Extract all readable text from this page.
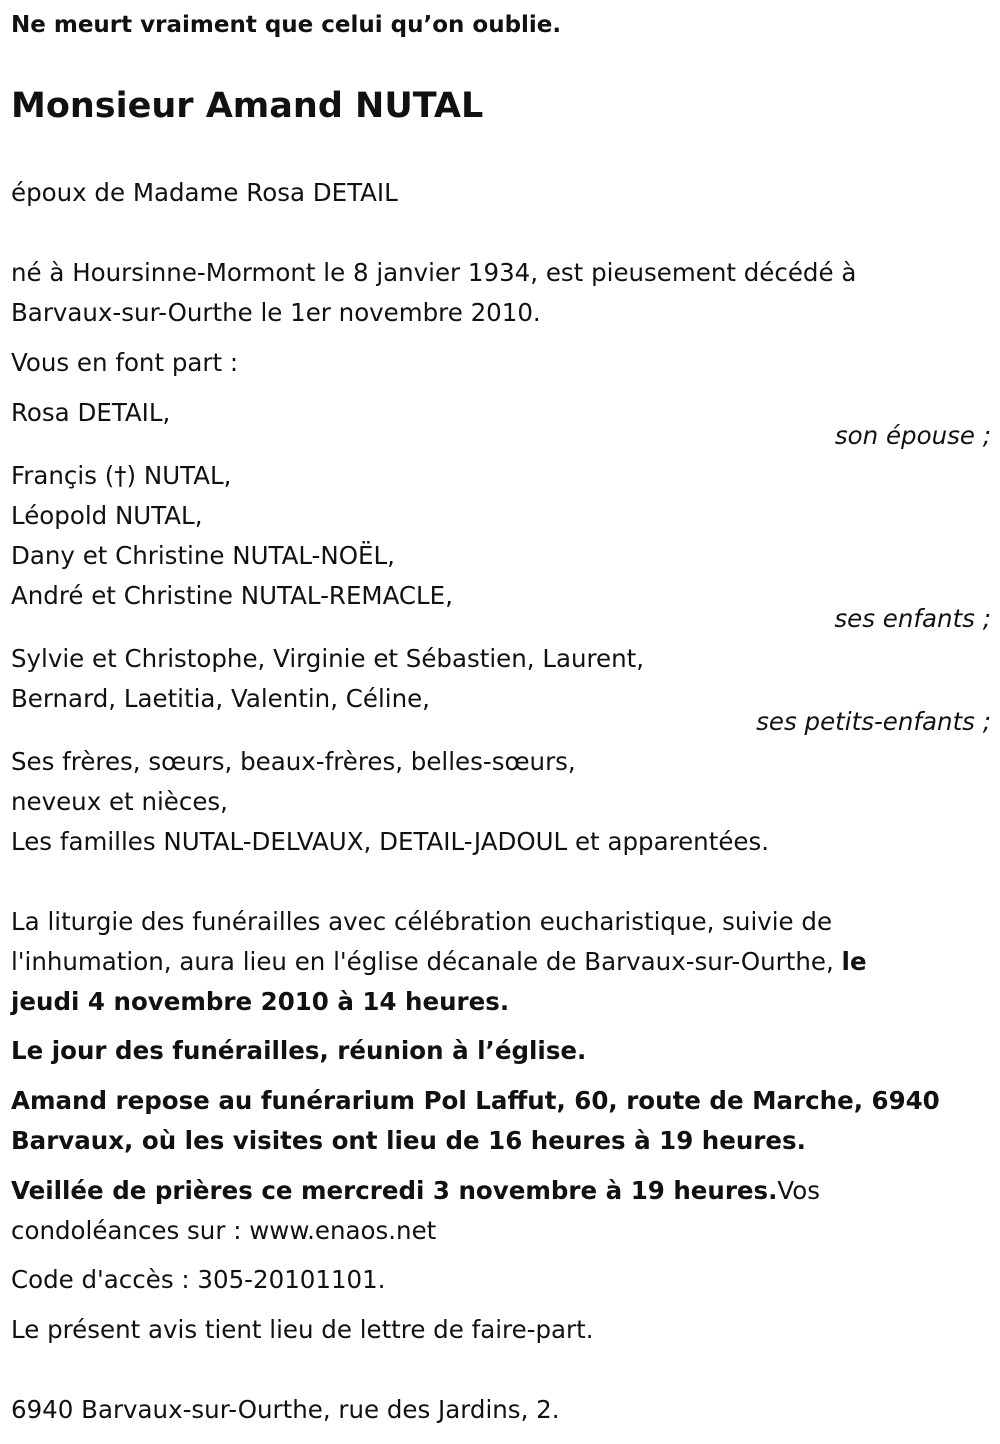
Ne meurt vraiment que celui qu’on oublie.
Monsieur Amand NUTAL
époux de Madame Rosa DETAIL
né à Hoursinne-Mormont le 8 janvier 1934, est pieusement décédé à
Barvaux-sur-Ourthe le 1er novembre 2010.
Vous en font part :
Rosa DETAIL,
son épouse ;
Françis (†) NUTAL,
Léopold NUTAL,
Dany et Christine NUTAL-NOËL,
André et Christine NUTAL-REMACLE,
ses enfants ;
Sylvie et Christophe, Virginie et Sébastien, Laurent,
Bernard, Laetitia, Valentin, Céline,
ses petits-enfants ;
Ses frères, sœurs, beaux-frères, belles-sœurs,
neveux et nièces,
Les familles NUTAL-DELVAUX, DETAIL-JADOUL et apparentées.
La liturgie des funérailles avec célébration eucharistique, suivie de
l'inhumation, aura lieu en l'église décanale de Barvaux-sur-Ourthe, le
jeudi 4 novembre 2010 à 14 heures.
Le jour des funérailles, réunion à l’église.
Amand repose au funérarium Pol Laffut, 60, route de Marche, 6940
Barvaux, où les visites ont lieu de 16 heures à 19 heures.
Veillée de prières ce mercredi 3 novembre à 19 heures.Vos
condoléances sur : www.enaos.net
Code d'accès : 305-20101101.
Le présent avis tient lieu de lettre de faire-part.
6940 Barvaux-sur-Ourthe, rue des Jardins, 2.
